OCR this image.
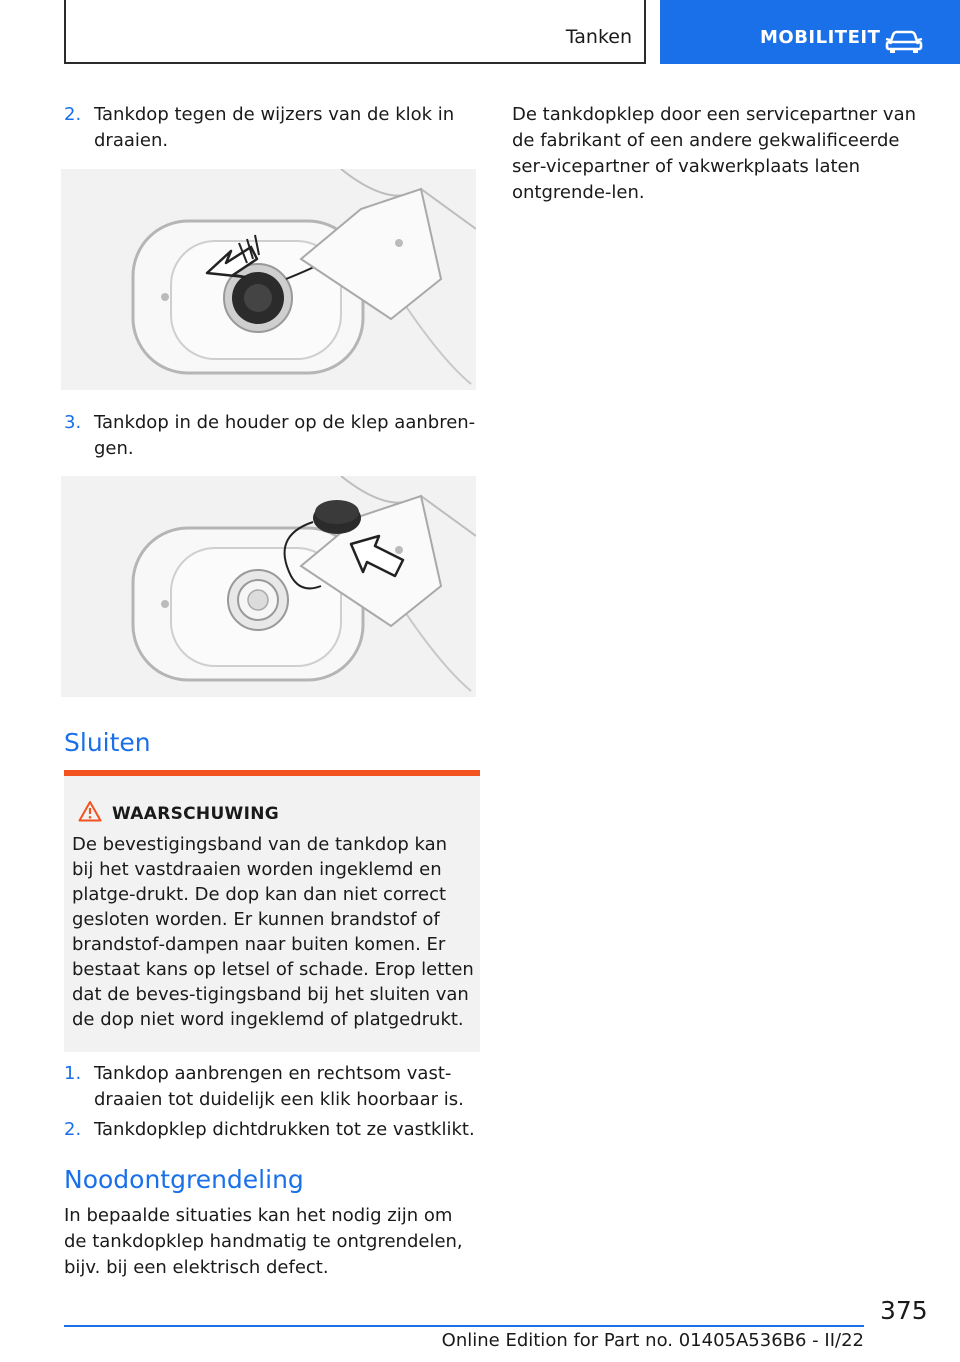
Tanken	MOBILITEIT
2. Tankdop tegen de wijzers van de klok in draaien.
3. Tankdop in de houder op de klep aanbren‐gen.
Sluiten
WAARSCHUWING
De bevestigingsband van de tankdop kan bij het vastdraaien worden ingeklemd en platge‐drukt. De dop kan dan niet correct gesloten worden. Er kunnen brandstof of brandstof‐dampen naar buiten komen. Er bestaat kans op letsel of schade. Erop letten dat de beves‐tigingsband bij het sluiten van de dop niet word ingeklemd of platgedrukt.
1. Tankdop aanbrengen en rechtsom vast‐draaien tot duidelijk een klik hoorbaar is.
2. Tankdopklep dichtdrukken tot ze vastklikt.
Noodontgrendeling
In bepaalde situaties kan het nodig zijn om de tankdopklep handmatig te ontgrendelen, bijv. bij een elektrisch defect.
De tankdopklep door een servicepartner van de fabrikant of een andere gekwalificeerde ser‐vicepartner of vakwerkplaats laten ontgrende‐len.
375
Online Edition for Part no. 01405A536B6 - II/22
